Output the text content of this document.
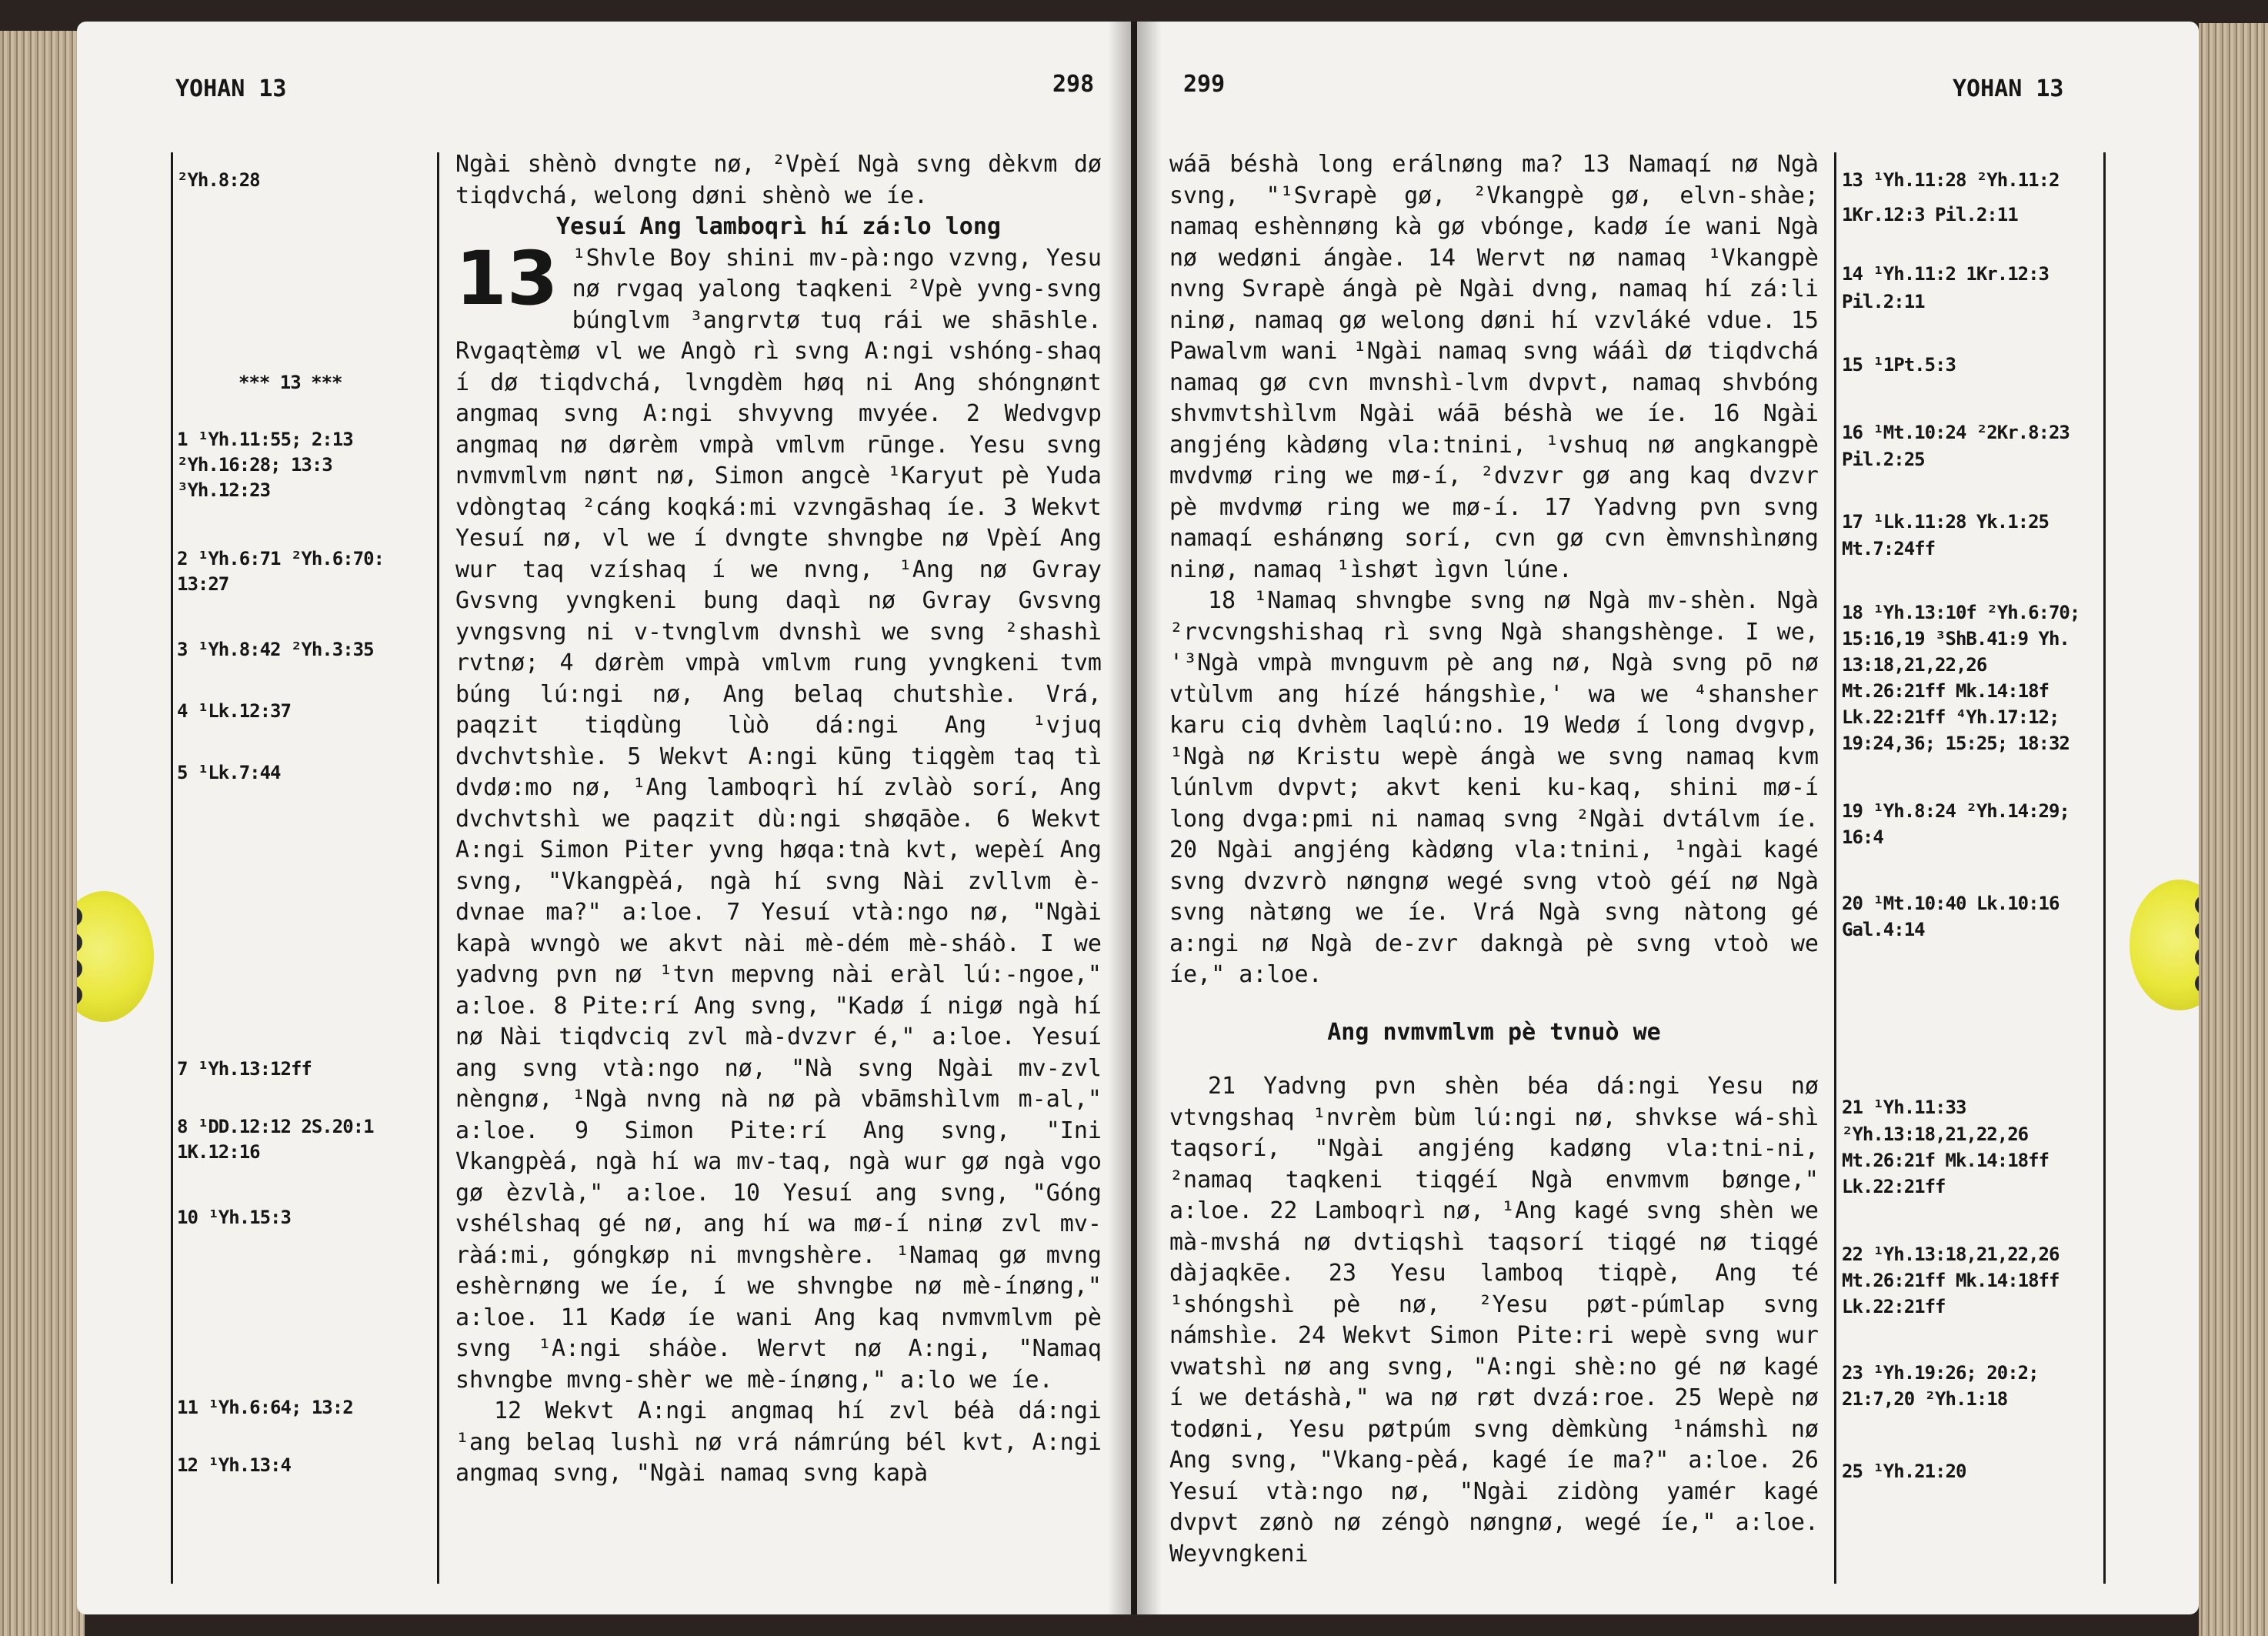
YOHAN 13	298
²Yh.8:28
*** 13 ***
1 ¹Yh.11:55; 2:13
²Yh.16:28; 13:3
³Yh.12:23
2 ¹Yh.6:71 ²Yh.6:70:
13:27
3 ¹Yh.8:42 ²Yh.3:35
4 ¹Lk.12:37
5 ¹Lk.7:44
7 ¹Yh.13:12ff
8 ¹DD.12:12 2S.20:1
1K.12:16
10 ¹Yh.15:3
11 ¹Yh.6:64; 13:2
12 ¹Yh.13:4

Ngài shènò dvngte nø, ²Vpèí Ngà svng dèkvm dø tiqdvchá, welong døni shènò we íe.

Yesuí Ang lamboqrì hí zá:lo long

13 ¹Shvle Boy shini mv-pà:ngo vzvng, Yesu nø rvgaq yalong taqkeni ²Vpè yvng-svng búnglvm ³angrvtø tuq rái we shāshle. Rvgaqtèmø vl we Angò rì svng A:ngi vshóng-shaq í dø tiqdvchá, lvngdèm høq ni Ang shóngnønt angmaq svng A:ngi shvyvng mvyée. 2 Wedvgvp angmaq nø dørèm vmpà vmlvm rūnge. Yesu svng nvmvmlvm nønt nø, Simon angcè ¹Karyut pè Yuda vdòngtaq ²cáng koqká:mi vzvngāshaq íe. 3 Wekvt Yesuí nø, vl we í dvngte shvngbe nø Vpèí Ang wur taq vzíshaq í we nvng, ¹Ang nø Gvray Gvsvng yvngkeni bung daqì nø Gvray Gvsvng yvngsvng ni v-tvnglvm dvnshì we svng ²shashì rvtnø; 4 dørèm vmpà vmlvm rung yvngkeni tvm búng lú:ngi nø, Ang belaq chutshìe. Vrá, paqzit tiqdùng lùò dá:ngi Ang ¹vjuq dvchvtshìe. 5 Wekvt A:ngi kūng tiqgèm taq tì dvdø:mo nø, ¹Ang lamboqrì hí zvlàò sorí, Ang dvchvtshì we paqzit dù:ngi shøqāòe. 6 Wekvt A:ngi Simon Piter yvng høqa:tnà kvt, wepèí Ang svng, "Vkangpèá, ngà hí svng Nài zvllvm è-dvnae ma?" a:loe. 7 Yesuí vtà:ngo nø, "Ngài kapà wvngò we akvt nài mè-dém mè-sháò. I we yadvng pvn nø ¹tvn mepvng nài eràl lú:-ngoe," a:loe. 8 Pite:rí Ang svng, "Kadø í nigø ngà hí nø Nài tiqdvciq zvl mà-dvzvr é," a:loe. Yesuí ang svng vtà:ngo nø, "Nà svng Ngài mv-zvl nèngnø, ¹Ngà nvng nà nø pà vbāmshìlvm m-al," a:loe. 9 Simon Pite:rí Ang svng, "Ini Vkangpèá, ngà hí wa mv-taq, ngà wur gø ngà vgo gø èzvlà," a:loe. 10 Yesuí ang svng, "Góng vshélshaq gé nø, ang hí wa mø-í ninø zvl mv-ràá:mi, góngkøp ni mvngshère. ¹Namaq gø mvng eshèrnøng we íe, í we shvngbe nø mè-ínøng," a:loe. 11 Kadø íe wani Ang kaq nvmvmlvm pè svng ¹A:ngi sháòe. Wervt nø A:ngi, "Namaq shvngbe mvng-shèr we mè-ínøng," a:lo we íe.

12 Wekvt A:ngi angmaq hí zvl béà dá:ngi ¹ang belaq lushì nø vrá námrúng bél kvt, A:ngi angmaq svng, "Ngài namaq svng kapà

299	YOHAN 13

wáā béshà long erálnøng ma? 13 Namaqí nø Ngà svng, "¹Svrapè gø, ²Vkangpè gø, elvn-shàe; namaq eshènnøng kà gø vbónge, kadø íe wani Ngà nø wedøni ángàe. 14 Wervt nø namaq ¹Vkangpè nvng Svrapè ángà pè Ngài dvng, namaq hí zá:li ninø, namaq gø welong døni hí vzvláké vdue. 15 Pawalvm wani ¹Ngài namaq svng wááì dø tiqdvchá namaq gø cvn mvnshì-lvm dvpvt, namaq shvbóng shvmvtshìlvm Ngài wáā béshà we íe. 16 Ngài angjéng kàdøng vla:tnini, ¹vshuq nø angkangpè mvdvmø ring we mø-í, ²dvzvr gø ang kaq dvzvr pè mvdvmø ring we mø-í. 17 Yadvng pvn svng namaqí eshánøng sorí, cvn gø cvn èmvnshìnøng ninø, namaq ¹ìshøt ìgvn lúne.

18 ¹Namaq shvngbe svng nø Ngà mv-shèn. Ngà ²rvcvngshishaq rì svng Ngà shangshènge. I we, '³Ngà vmpà mvnguvm pè ang nø, Ngà svng pō nø vtùlvm ang hízé hángshìe,' wa we ⁴shansher karu ciq dvhèm laqlú:no. 19 Wedø í long dvgvp, ¹Ngà nø Kristu wepè ángà we svng namaq kvm lúnlvm dvpvt; akvt keni ku-kaq, shini mø-í long dvga:pmi ni namaq svng ²Ngài dvtálvm íe. 20 Ngài angjéng kàdøng vla:tnini, ¹ngài kagé svng dvzvrò nøngnø wegé svng vtoò géí nø Ngà svng nàtøng we íe. Vrá Ngà svng nàtong gé a:ngi nø Ngà de-zvr dakngà pè svng vtoò we íe," a:loe.

Ang nvmvmlvm pè tvnuò we

21 Yadvng pvn shèn béa dá:ngi Yesu nø vtvngshaq ¹nvrèm bùm lú:ngi nø, shvkse wá-shì taqsorí, "Ngài angjéng kadøng vla:tni-ni, ²namaq taqkeni tiqgéí Ngà envmvm bønge," a:loe. 22 Lamboqrì nø, ¹Ang kagé svng shèn we mà-mvshá nø dvtiqshì taqsorí tiqgé nø tiqgé dàjaqkēe. 23 Yesu lamboq tiqpè, Ang té ¹shóngshì pè nø, ²Yesu pøt-púmlap svng námshìe. 24 Wekvt Simon Pite:ri wepè svng wur vwatshì nø ang svng, "A:ngi shè:no gé nø kagé í we detáshà," wa nø røt dvzá:roe. 25 Wepè nø todøni, Yesu pøtpúm svng dèmkùng ¹námshì nø Ang svng, "Vkang-pèá, kagé íe ma?" a:loe. 26 Yesuí vtà:ngo nø, "Ngài zidòng yamér kagé dvpvt zønò nø zéngò nøngnø, wegé íe," a:loe. Weyvngkeni

13 ¹Yh.11:28 ²Yh.11:2
1Kr.12:3 Pil.2:11
14 ¹Yh.11:2 1Kr.12:3
Pil.2:11
15 ¹1Pt.5:3
16 ¹Mt.10:24 ²2Kr.8:23
Pil.2:25
17 ¹Lk.11:28 Yk.1:25
Mt.7:24ff
18 ¹Yh.13:10f ²Yh.6:70;
15:16,19 ³ShB.41:9 Yh.
13:18,21,22,26
Mt.26:21ff Mk.14:18f
Lk.22:21ff ⁴Yh.17:12;
19:24,36; 15:25; 18:32
19 ¹Yh.8:24 ²Yh.14:29;
16:4
20 ¹Mt.10:40 Lk.10:16
Gal.4:14
21 ¹Yh.11:33
²Yh.13:18,21,22,26
Mt.26:21f Mk.14:18ff
Lk.22:21ff
22 ¹Yh.13:18,21,22,26
Mt.26:21ff Mk.14:18ff
Lk.22:21ff
23 ¹Yh.19:26; 20:2;
21:7,20 ²Yh.1:18
25 ¹Yh.21:20
